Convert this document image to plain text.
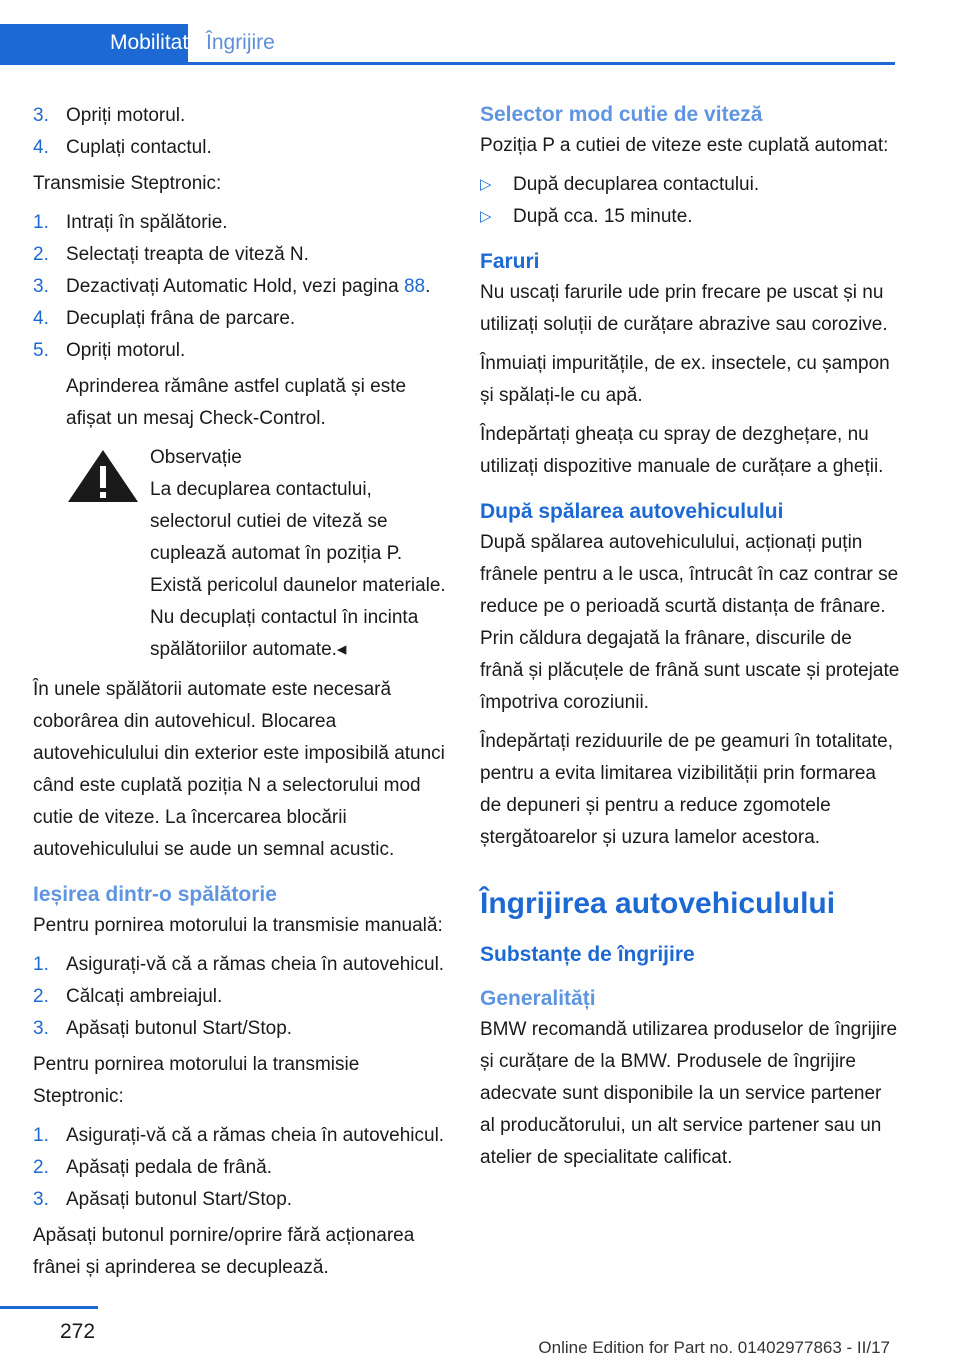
Mobilitate Îngrijire
3. Opriți motorul.
4. Cuplați contactul.

Transmisie Steptronic:

1. Intrați în spălătorie.
2. Selectați treapta de viteză N.
3. Dezactivați Automatic Hold, vezi pagina 88.
4. Decuplați frâna de parcare.
5. Opriți motorul.

Aprinderea rămâne astfel cuplată și este afișat un mesaj Check-Control.

Observație
La decuplarea contactului, selectorul cutiei de viteză se cuplează automat în poziția P. Există pericolul daunelor materiale. Nu decuplați contactul în incinta spălătoriilor automate.◂

În unele spălătorii automate este necesară coborârea din autovehicul. Blocarea autovehiculului din exterior este imposibilă atunci când este cuplată poziția N a selectorului mod cutie de viteze. La încercarea blocării autovehiculului se aude un semnal acustic.

Ieșirea dintr-o spălătorie

Pentru pornirea motorului la transmisie manuală:

1. Asigurați-vă că a rămas cheia în autovehicul.
2. Călcați ambreiajul.
3. Apăsați butonul Start/Stop.

Pentru pornirea motorului la transmisie Steptronic:

1. Asigurați-vă că a rămas cheia în autovehicul.
2. Apăsați pedala de frână.
3. Apăsați butonul Start/Stop.

Apăsați butonul pornire/oprire fără acționarea frânei și aprinderea se decuplează.

Selector mod cutie de viteză

Poziția P a cutiei de viteze este cuplată automat:

▷ După decuplarea contactului.
▷ După cca. 15 minute.
Faruri

Nu uscați farurile ude prin frecare pe uscat și nu utilizați soluții de curățare abrazive sau corozive.

Înmuiați impuritățile, de ex. insectele, cu șampon și spălați-le cu apă.

Îndepărtați gheața cu spray de dezghețare, nu utilizați dispozitive manuale de curățare a gheții.

După spălarea autovehiculului

După spălarea autovehiculului, acționați puțin frânele pentru a le usca, întrucât în caz contrar se reduce pe o perioadă scurtă distanța de frânare. Prin căldura degajată la frânare, discurile de frână și plăcuțele de frână sunt uscate și protejate împotriva coroziunii.

Îndepărtați reziduurile de pe geamuri în totalitate, pentru a evita limitarea vizibilității prin formarea de depuneri și pentru a reduce zgomotele ștergătoarelor și uzura lamelor acestora.

Îngrijirea autovehiculului
Substanțe de îngrijire
Generalități

BMW recomandă utilizarea produselor de îngrijire și curățare de la BMW. Produsele de îngrijire adecvate sunt disponibile la un service partener al producătorului, un alt service partener sau un atelier de specialitate calificat.

272
Online Edition for Part no. 01402977863 - II/17
